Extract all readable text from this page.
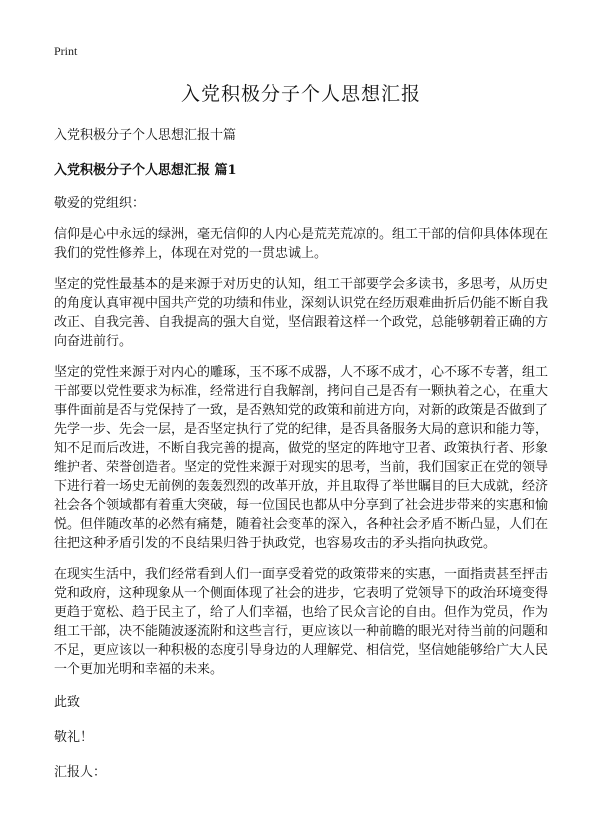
Print
入党积极分子个人思想汇报
入党积极分子个人思想汇报十篇
入党积极分子个人思想汇报 篇1
敬爱的党组织：

信仰是心中永远的绿洲，毫无信仰的人内心是荒芜荒凉的。组工干部的信仰具体体现在我们的党性修养上，体现在对党的一贯忠诚上。

坚定的党性最基本的是来源于对历史的认知，组工干部要学会多读书，多思考，从历史的角度认真审视中国共产党的功绩和伟业，深刻认识党在经历艰难曲折后仍能不断自我改正、自我完善、自我提高的强大自觉，坚信跟着这样一个政党，总能够朝着正确的方向奋进前行。

坚定的党性来源于对内心的雕琢，玉不琢不成器，人不琢不成才，心不琢不专著，组工干部要以党性要求为标准，经常进行自我解剖，拷问自己是否有一颗执着之心，在重大事件面前是否与党保持了一致，是否熟知党的政策和前进方向，对新的政策是否做到了先学一步、先会一层，是否坚定执行了党的纪律，是否具备服务大局的意识和能力等，知不足而后改进，不断自我完善的提高，做党的坚定的阵地守卫者、政策执行者、形象维护者、荣誉创造者。坚定的党性来源于对现实的思考，当前，我们国家正在党的领导下进行着一场史无前例的轰轰烈烈的改革开放，并且取得了举世瞩目的巨大成就，经济社会各个领域都有着重大突破，每一位国民也都从中分享到了社会进步带来的实惠和愉悦。但伴随改革的必然有痛楚，随着社会变革的深入，各种社会矛盾不断凸显，人们在往把这种矛盾引发的不良结果归咎于执政党，也容易攻击的矛头指向执政党。

在现实生活中，我们经常看到人们一面享受着党的政策带来的实惠，一面指责甚至抨击党和政府，这种现象从一个侧面体现了社会的进步，它表明了党领导下的政治环境变得更趋于宽松、趋于民主了，给了人们幸福，也给了民众言论的自由。但作为党员，作为组工干部，决不能随波逐流附和这些言行，更应该以一种前瞻的眼光对待当前的问题和不足，更应该以一种积极的态度引导身边的人理解党、相信党，坚信她能够给广大人民一个更加光明和幸福的未来。

此致
敬礼！
汇报人：
